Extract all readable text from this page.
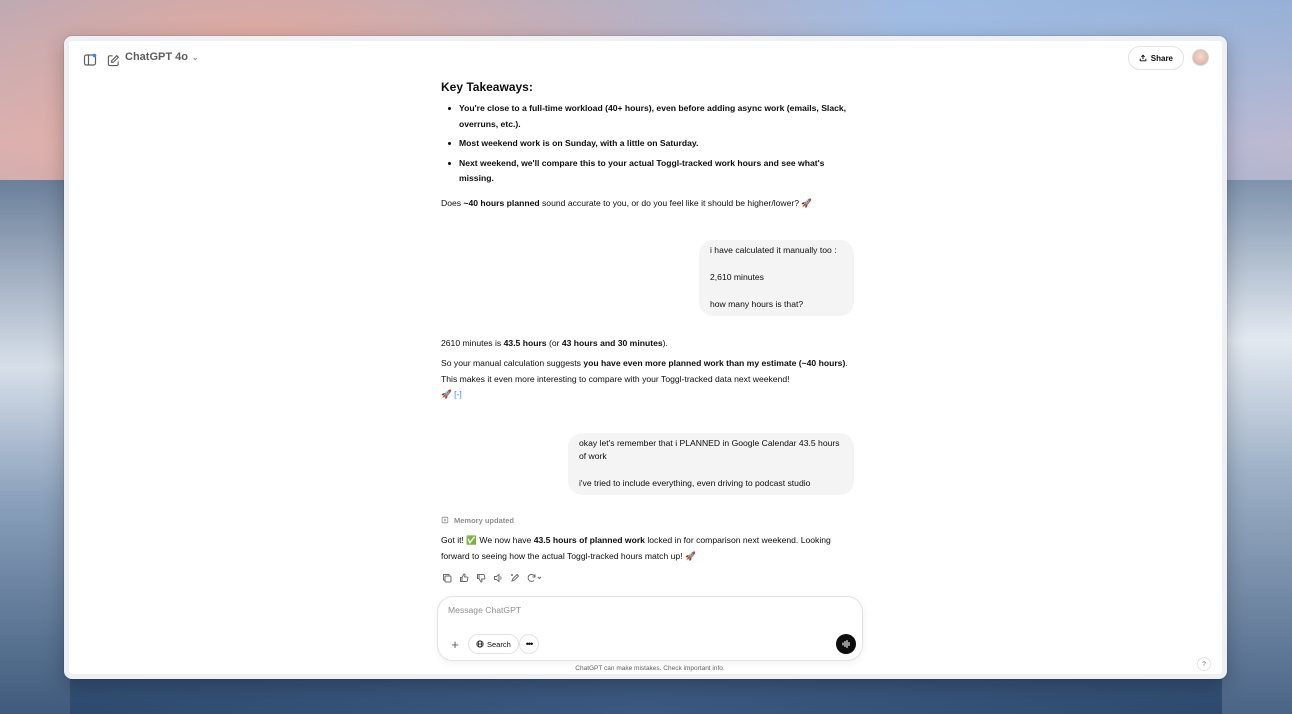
ChatGPT 4o ⌄	Share
Key Takeaways:
You're close to a full-time workload (40+ hours), even before adding async work (emails, Slack, overruns, etc.).
Most weekend work is on Sunday, with a little on Saturday.
Next weekend, we'll compare this to your actual Toggl-tracked work hours and see what's missing.

Does ~40 hours planned sound accurate to you, or do you feel like it should be higher/lower? 🚀

i have calculated it manually too :

2,610 minutes

how many hours is that?

2610 minutes is 43.5 hours (or 43 hours and 30 minutes).

So your manual calculation suggests you have even more planned work than my estimate (~40 hours). This makes it even more interesting to compare with your Toggl-tracked data next weekend!
🚀 [-]

okay let's remember that i PLANNED in Google Calendar 43.5 hours of work

i've tried to include everything, even driving to podcast studio

Memory updated

Got it! ✅ We now have 43.5 hours of planned work locked in for comparison next weekend. Looking forward to seeing how the actual Toggl-tracked hours match up! 🚀

Message ChatGPT
+	Search •••
ChatGPT can make mistakes. Check important info.
?
